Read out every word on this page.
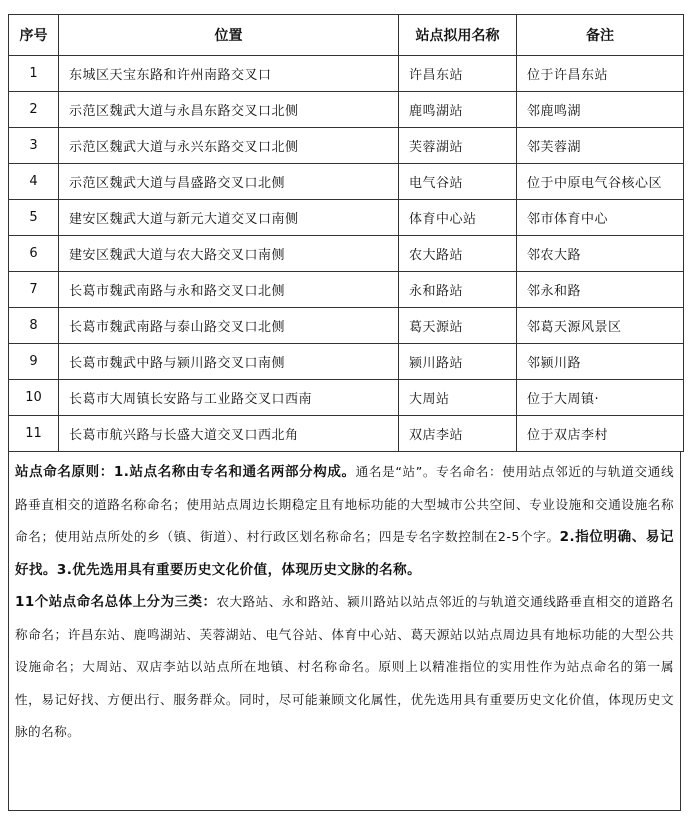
序号	位置	站点拟用名称	备注
1	东城区天宝东路和许州南路交叉口	许昌东站	位于许昌东站
2	示范区魏武大道与永昌东路交叉口北侧	鹿鸣湖站	邻鹿鸣湖
3	示范区魏武大道与永兴东路交叉口北侧	芙蓉湖站	邻芙蓉湖
4	示范区魏武大道与昌盛路交叉口北侧	电气谷站	位于中原电气谷核心区
5	建安区魏武大道与新元大道交叉口南侧	体育中心站	邻市体育中心
6	建安区魏武大道与农大路交叉口南侧	农大路站	邻农大路
7	长葛市魏武南路与永和路交叉口北侧	永和路站	邻永和路
8	长葛市魏武南路与泰山路交叉口北侧	葛天源站	邻葛天源风景区
9	长葛市魏武中路与颍川路交叉口南侧	颍川路站	邻颍川路
10	长葛市大周镇长安路与工业路交叉口西南	大周站	位于大周镇·
11	长葛市航兴路与长盛大道交叉口西北角	双店李站	位于双店李村

站点命名原则：1.站点名称由专名和通名两部分构成。通名是“站”。专名命名：使用站点邻近的与轨道交通线路垂直相交的道路名称命名；使用站点周边长期稳定且有地标功能的大型城市公共空间、专业设施和交通设施名称命名；使用站点所处的乡（镇、街道）、村行政区划名称命名；四是专名字数控制在2-5个字。2.指位明确、易记好找。3.优先选用具有重要历史文化价值，体现历史文脉的名称。

11个站点命名总体上分为三类：农大路站、永和路站、颍川路站以站点邻近的与轨道交通线路垂直相交的道路名称命名；许昌东站、鹿鸣湖站、芙蓉湖站、电气谷站、体育中心站、葛天源站以站点周边具有地标功能的大型公共设施命名；大周站、双店李站以站点所在地镇、村名称命名。原则上以精准指位的实用性作为站点命名的第一属性，易记好找、方便出行、服务群众。同时，尽可能兼顾文化属性，优先选用具有重要历史文化价值，体现历史文脉的名称。
